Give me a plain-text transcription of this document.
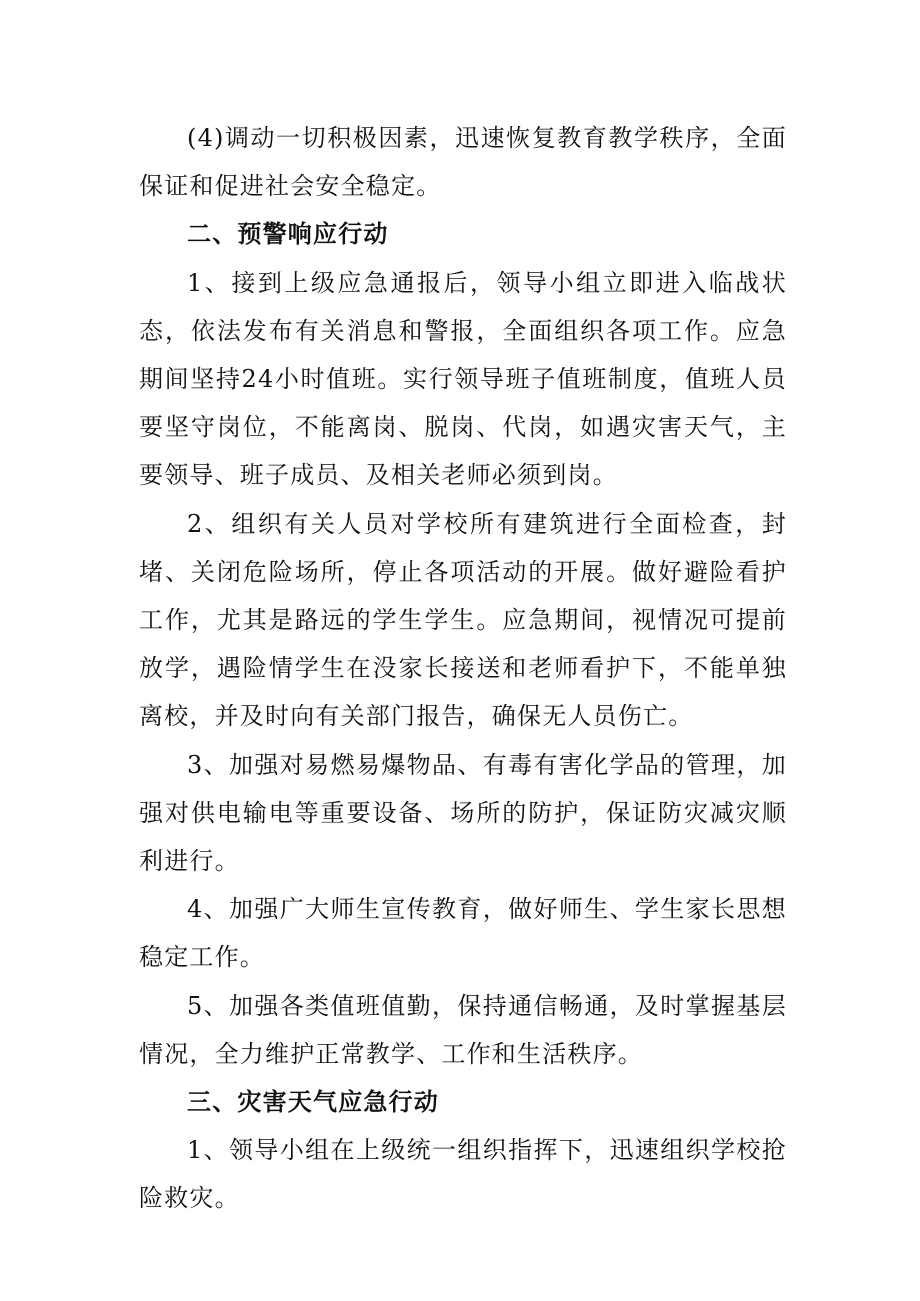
(4)调动一切积极因素，迅速恢复教育教学秩序，全面保证和促进社会安全稳定。

二、预警响应行动

1、接到上级应急通报后，领导小组立即进入临战状态，依法发布有关消息和警报，全面组织各项工作。应急期间坚持24小时值班。实行领导班子值班制度，值班人员要坚守岗位，不能离岗、脱岗、代岗，如遇灾害天气，主要领导、班子成员、及相关老师必须到岗。

2、组织有关人员对学校所有建筑进行全面检查，封堵、关闭危险场所，停止各项活动的开展。做好避险看护工作，尤其是路远的学生学生。应急期间，视情况可提前放学，遇险情学生在没家长接送和老师看护下，不能单独离校，并及时向有关部门报告，确保无人员伤亡。

3、加强对易燃易爆物品、有毒有害化学品的管理，加强对供电输电等重要设备、场所的防护，保证防灾减灾顺利进行。

4、加强广大师生宣传教育，做好师生、学生家长思想稳定工作。

5、加强各类值班值勤，保持通信畅通，及时掌握基层情况，全力维护正常教学、工作和生活秩序。

三、灾害天气应急行动

1、领导小组在上级统一组织指挥下，迅速组织学校抢险救灾。
